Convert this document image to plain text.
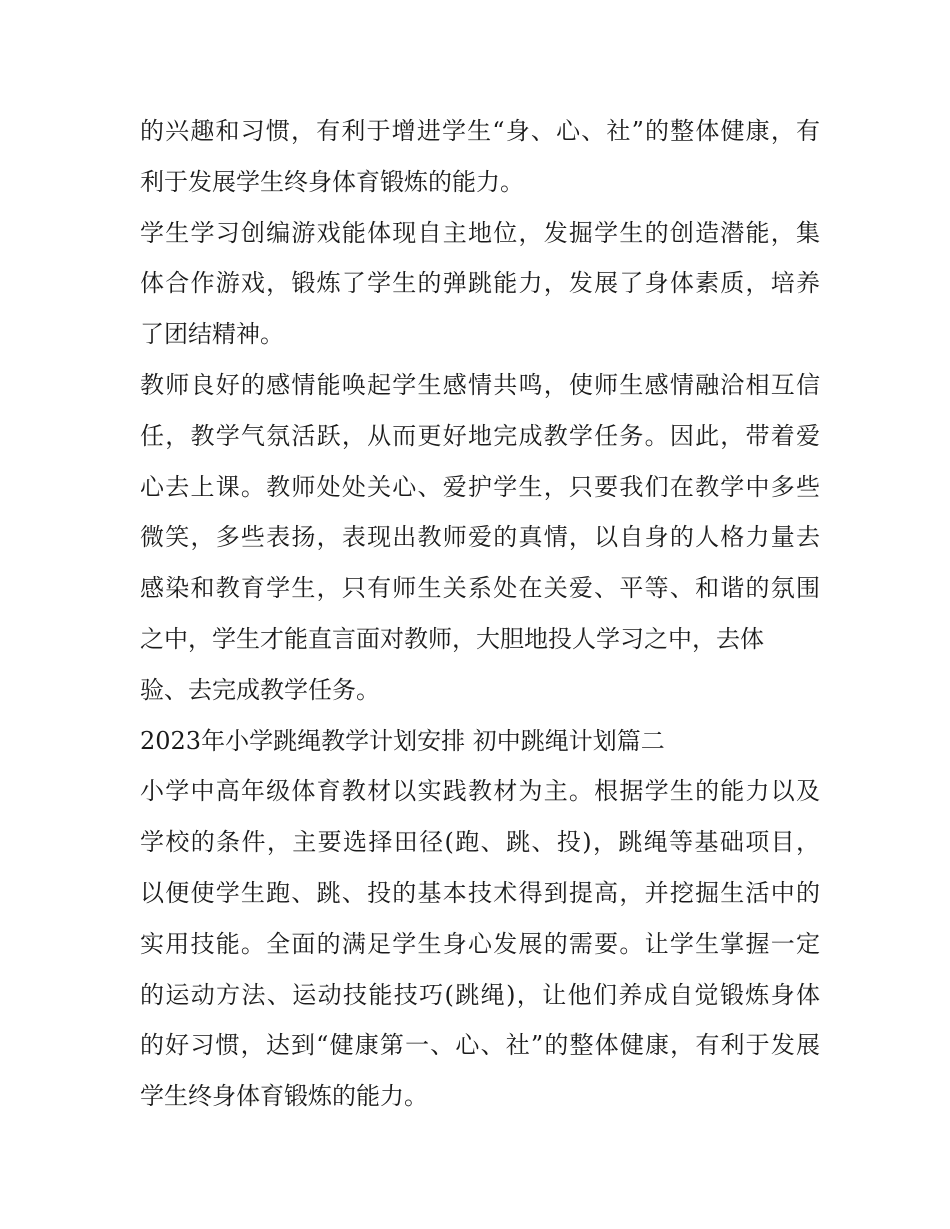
的兴趣和习惯，有利于增进学生“身、心、社”的整体健康，有
利于发展学生终身体育锻炼的能力。

学生学习创编游戏能体现自主地位，发掘学生的创造潜能，集
体合作游戏，锻炼了学生的弹跳能力，发展了身体素质，培养
了团结精神。

教师良好的感情能唤起学生感情共鸣，使师生感情融洽相互信
任，教学气氛活跃，从而更好地完成教学任务。因此，带着爱
心去上课。教师处处关心、爱护学生，只要我们在教学中多些
微笑，多些表扬，表现出教师爱的真情，以自身的人格力量去
感染和教育学生，只有师生关系处在关爱、平等、和谐的氛围
之中，学生才能直言面对教师，大胆地投人学习之中，去体
验、去完成教学任务。

2023年小学跳绳教学计划安排 初中跳绳计划篇二

小学中高年级体育教材以实践教材为主。根据学生的能力以及
学校的条件，主要选择田径(跑、跳、投)，跳绳等基础项目，
以便使学生跑、跳、投的基本技术得到提高，并挖掘生活中的
实用技能。全面的满足学生身心发展的需要。让学生掌握一定
的运动方法、运动技能技巧(跳绳)，让他们养成自觉锻炼身体
的好习惯，达到“健康第一、心、社”的整体健康，有利于发展
学生终身体育锻炼的能力。
